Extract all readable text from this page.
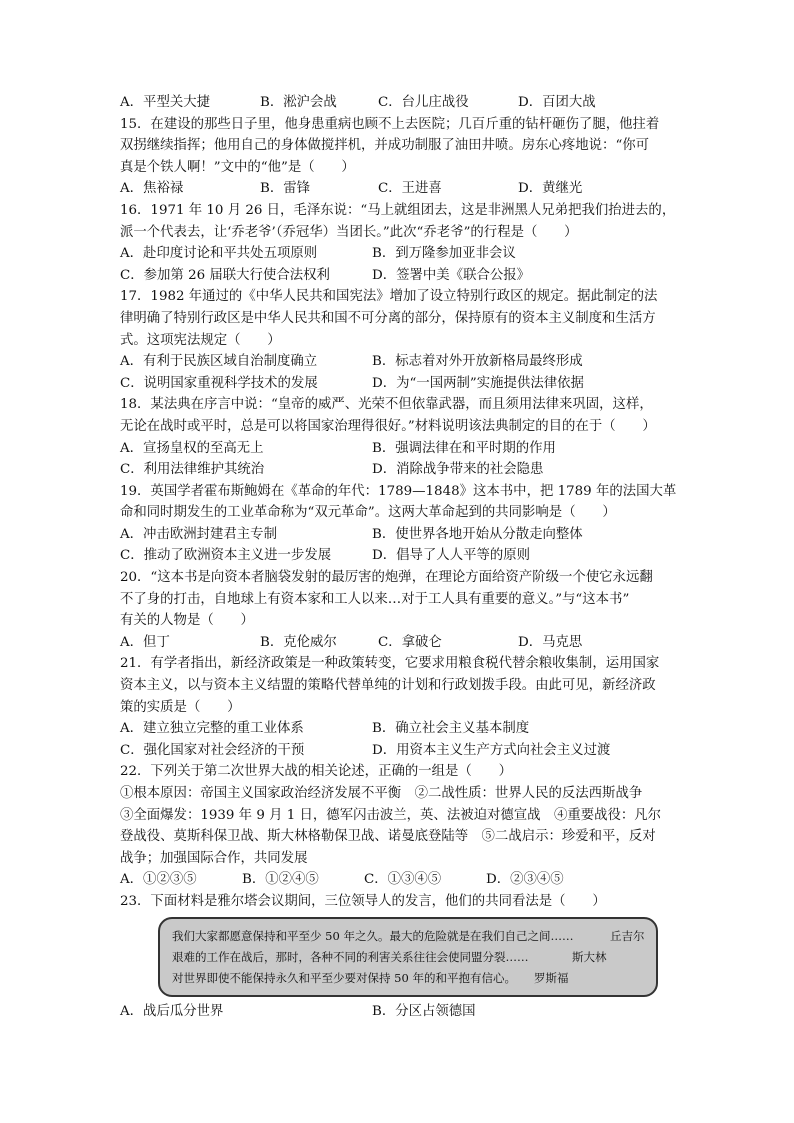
A．平型关大捷	B．淞沪会战	C．台儿庄战役	D．百团大战
15．在建设的那些日子里，他身患重病也顾不上去医院；几百斤重的钻杆砸伤了腿，他拄着
双拐继续指挥；他用自己的身体做搅拌机，并成功制服了油田井喷。房东心疼地说：“你可
真是个铁人啊！”文中的“他”是（　　）
A．焦裕禄	B．雷锋	C．王进喜	D．黄继光
16．1971 年 10 月 26 日，毛泽东说：“马上就组团去，这是非洲黑人兄弟把我们抬进去的，
派一个代表去，让‘乔老爷’（乔冠华）当团长。”此次“乔老爷”的行程是（　　）
A．赴印度讨论和平共处五项原则	B．到万隆参加亚非会议
C．参加第 26 届联大行使合法权利	D．签署中美《联合公报》
17．1982 年通过的《中华人民共和国宪法》增加了设立特别行政区的规定。据此制定的法
律明确了特别行政区是中华人民共和国不可分离的部分，保持原有的资本主义制度和生活方
式。这项宪法规定（　　）
A．有利于民族区域自治制度确立	B．标志着对外开放新格局最终形成
C．说明国家重视科学技术的发展	D．为“一国两制”实施提供法律依据
18．某法典在序言中说：“皇帝的威严、光荣不但依靠武器，而且须用法律来巩固，这样，
无论在战时或平时，总是可以将国家治理得很好。”材料说明该法典制定的目的在于（　　）
A．宣扬皇权的至高无上	B．强调法律在和平时期的作用
C．利用法律维护其统治	D．消除战争带来的社会隐患
19．英国学者霍布斯鲍姆在《革命的年代：1789—1848》这本书中，把 1789 年的法国大革
命和同时期发生的工业革命称为“双元革命”。这两大革命起到的共同影响是（　　）
A．冲击欧洲封建君主专制	B．使世界各地开始从分散走向整体
C．推动了欧洲资本主义进一步发展	D．倡导了人人平等的原则
20．“这本书是向资本者脑袋发射的最厉害的炮弹，在理论方面给资产阶级一个使它永远翻
不了身的打击，自地球上有资本家和工人以来…对于工人具有重要的意义。”与“这本书”
有关的人物是（　　）
A．但丁	B．克伦威尔	C．拿破仑	D．马克思
21．有学者指出，新经济政策是一种政策转变，它要求用粮食税代替余粮收集制，运用国家
资本主义，以与资本主义结盟的策略代替单纯的计划和行政划拨手段。由此可见，新经济政
策的实质是（　　）
A．建立独立完整的重工业体系	B．确立社会主义基本制度
C．强化国家对社会经济的干预	D．用资本主义生产方式向社会主义过渡
22．下列关于第二次世界大战的相关论述，正确的一组是（　　）
①根本原因：帝国主义国家政治经济发展不平衡　②二战性质：世界人民的反法西斯战争
③全面爆发：1939 年 9 月 1 日，德军闪击波兰，英、法被迫对德宣战　④重要战役：凡尔
登战役、莫斯科保卫战、斯大林格勒保卫战、诺曼底登陆等　⑤二战启示：珍爱和平，反对
战争；加强国际合作，共同发展
A．①②③⑤	B．①②④⑤	C．①③④⑤	D．②③④⑤
23．下面材料是雅尔塔会议期间，三位领导人的发言，他们的共同看法是（　　）
我们大家都愿意保持和平至少 50 年之久。最大的危险就是在我们自己之间……	丘吉尔
艰难的工作在战后，那时，各种不同的利害关系往往会使同盟分裂……	斯大林
对世界即使不能保持永久和平至少要对保持 50 年的和平抱有信心。 罗斯福
A．战后瓜分世界	B．分区占领德国
